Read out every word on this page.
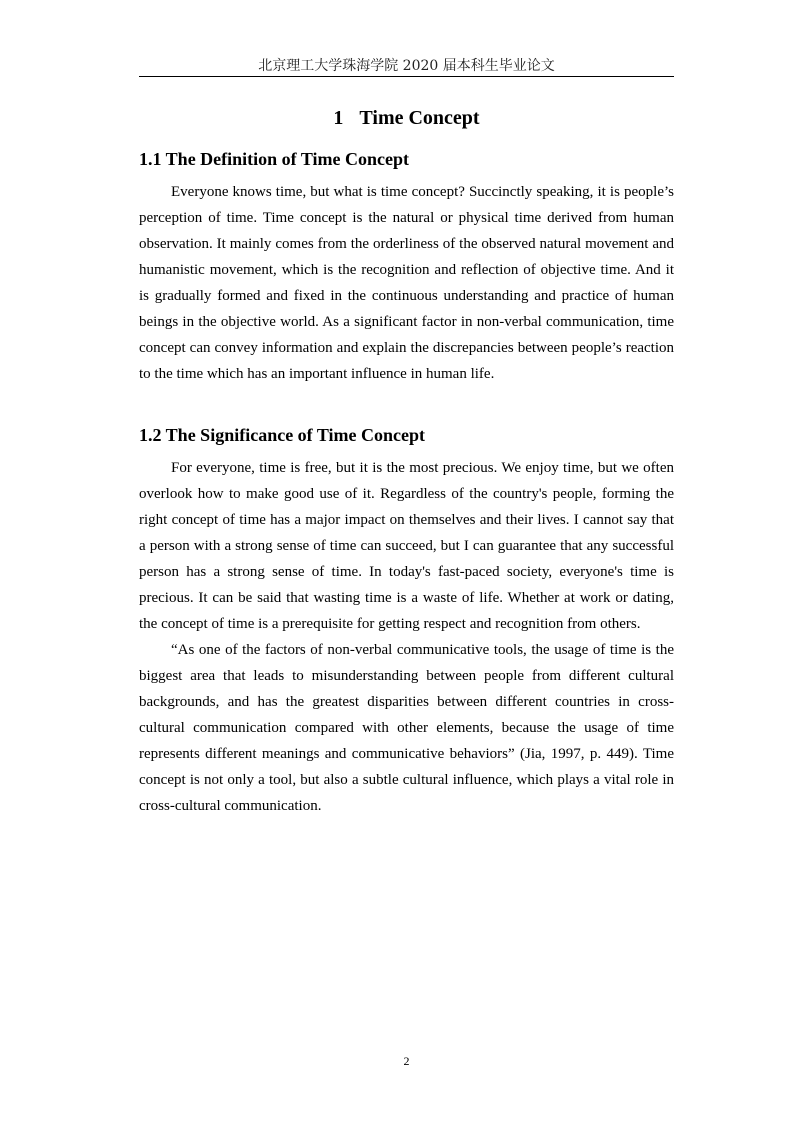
北京理工大学珠海学院 2020 届本科生毕业论文
1 Time Concept
1.1 The Definition of Time Concept

Everyone knows time, but what is time concept? Succinctly speaking, it is people’s perception of time. Time concept is the natural or physical time derived from human observation. It mainly comes from the orderliness of the observed natural movement and humanistic movement, which is the recognition and reflection of objective time. And it is gradually formed and fixed in the continuous understanding and practice of human beings in the objective world. As a significant factor in non-verbal communication, time concept can convey information and explain the discrepancies between people’s reaction to the time which has an important influence in human life.

1.2 The Significance of Time Concept

For everyone, time is free, but it is the most precious. We enjoy time, but we often overlook how to make good use of it. Regardless of the country's people, forming the right concept of time has a major impact on themselves and their lives. I cannot say that a person with a strong sense of time can succeed, but I can guarantee that any successful person has a strong sense of time. In today's fast-paced society, everyone's time is precious. It can be said that wasting time is a waste of life. Whether at work or dating, the concept of time is a prerequisite for getting respect and recognition from others.

“As one of the factors of non-verbal communicative tools, the usage of time is the biggest area that leads to misunderstanding between people from different cultural backgrounds, and has the greatest disparities between different countries in cross-cultural communication compared with other elements, because the usage of time represents different meanings and communicative behaviors” (Jia, 1997, p. 449). Time concept is not only a tool, but also a subtle cultural influence, which plays a vital role in cross-cultural communication.

2
